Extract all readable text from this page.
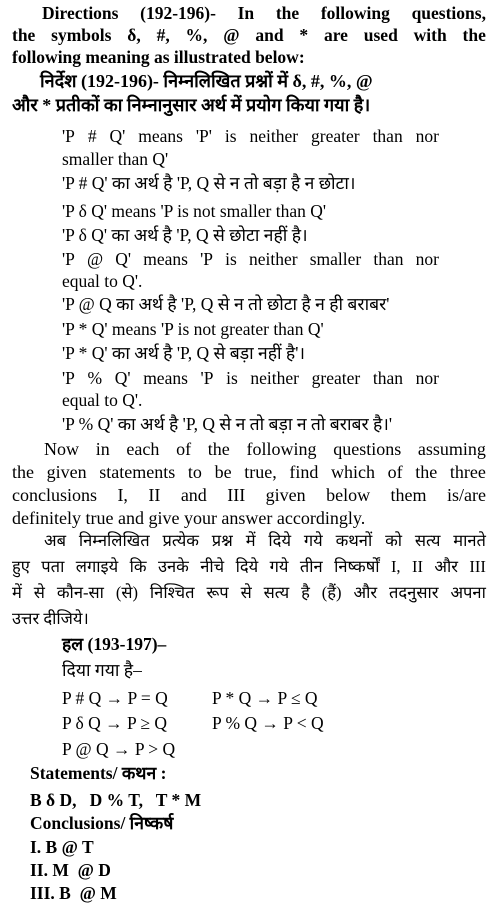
Directions (192-196)- In the following questions,
the symbols δ, #, %, @ and * are used with the
following meaning as illustrated below:
निर्देश (192-196)- निम्नलिखित प्रश्नों में δ, #, %, @
और * प्रतीकों का निम्नानुसार अर्थ में प्रयोग किया गया है।
'P # Q' means 'P' is neither greater than nor
smaller than Q'
'P # Q' का अर्थ है 'P, Q से न तो बड़ा है न छोटा।
'P δ Q' means 'P is not smaller than Q'
'P δ Q' का अर्थ है 'P, Q से छोटा नहीं है।
'P @ Q' means 'P is neither smaller than nor
equal to Q'.
'P @ Q का अर्थ है 'P, Q से न तो छोटा है न ही बराबर'
'P * Q' means 'P is not greater than Q'
'P * Q' का अर्थ है 'P, Q से बड़ा नहीं है'।
'P % Q' means 'P is neither greater than nor
equal to Q'.
'P % Q' का अर्थ है 'P, Q से न तो बड़ा न तो बराबर है।'
Now in each of the following questions assuming
the given statements to be true, find which of the three
conclusions I, II and III given below them is/are
definitely true and give your answer accordingly.
अब निम्नलिखित प्रत्येक प्रश्न में दिये गये कथनों को सत्य मानते
हुए पता लगाइये कि उनके नीचे दिये गये तीन निष्कर्षों I, II और III
में से कौन-सा (से) निश्चित रूप से सत्य है (हैं) और तदनुसार अपना
उत्तर दीजिये।
हल (193-197)–
दिया गया है–
P # Q → P = Q	P * Q → P ≤ Q
P δ Q → P ≥ Q	P % Q → P < Q
P @ Q → P > Q
Statements/ कथन :
B δ D,   D % T,   T * M
Conclusions/ निष्कर्ष
I. B @ T
II. M  @ D
III. B  @ M
